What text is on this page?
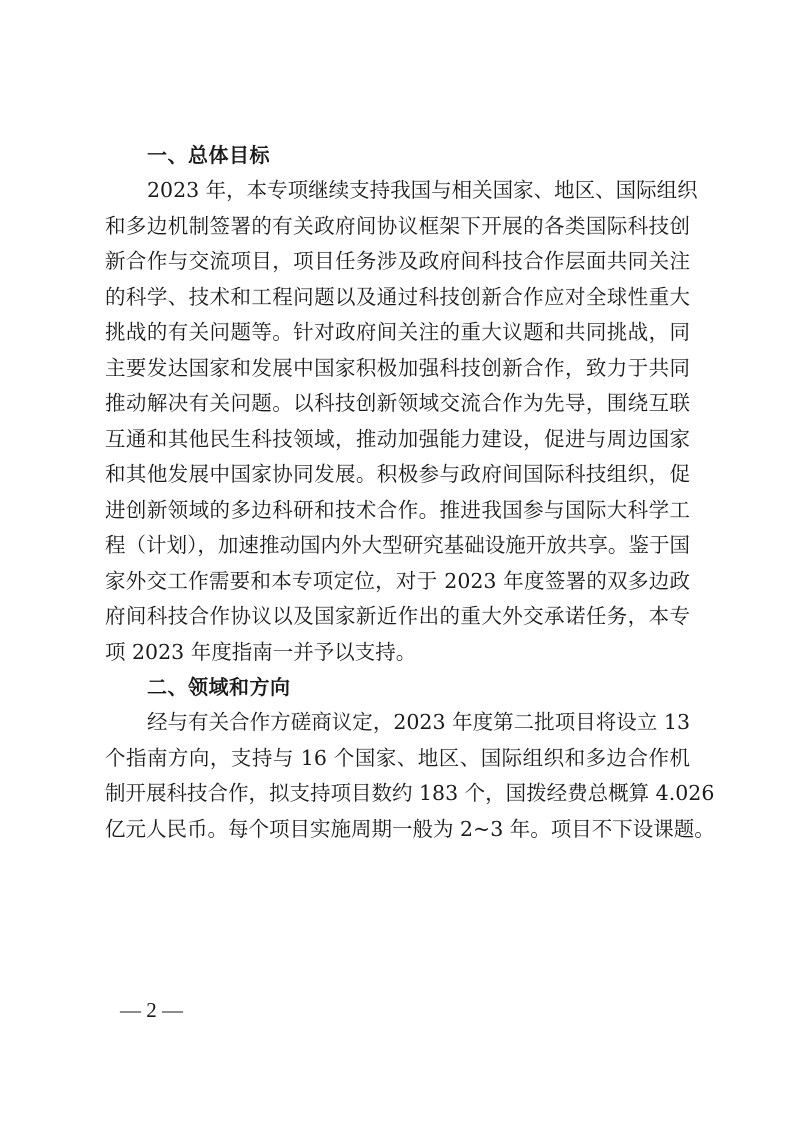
一、总体目标
2023 年，本专项继续支持我国与相关国家、地区、国际组织
和多边机制签署的有关政府间协议框架下开展的各类国际科技创
新合作与交流项目，项目任务涉及政府间科技合作层面共同关注
的科学、技术和工程问题以及通过科技创新合作应对全球性重大
挑战的有关问题等。针对政府间关注的重大议题和共同挑战，同
主要发达国家和发展中国家积极加强科技创新合作，致力于共同
推动解决有关问题。以科技创新领域交流合作为先导，围绕互联
互通和其他民生科技领域，推动加强能力建设，促进与周边国家
和其他发展中国家协同发展。积极参与政府间国际科技组织，促
进创新领域的多边科研和技术合作。推进我国参与国际大科学工
程（计划），加速推动国内外大型研究基础设施开放共享。鉴于国
家外交工作需要和本专项定位，对于 2023 年度签署的双多边政
府间科技合作协议以及国家新近作出的重大外交承诺任务，本专
项 2023 年度指南一并予以支持。
二、领域和方向
经与有关合作方磋商议定，2023 年度第二批项目将设立 13
个指南方向，支持与 16 个国家、地区、国际组织和多边合作机
制开展科技合作，拟支持项目数约 183 个，国拨经费总概算 4.026
亿元人民币。每个项目实施周期一般为 2~3 年。项目不下设课题。
— 2 —
